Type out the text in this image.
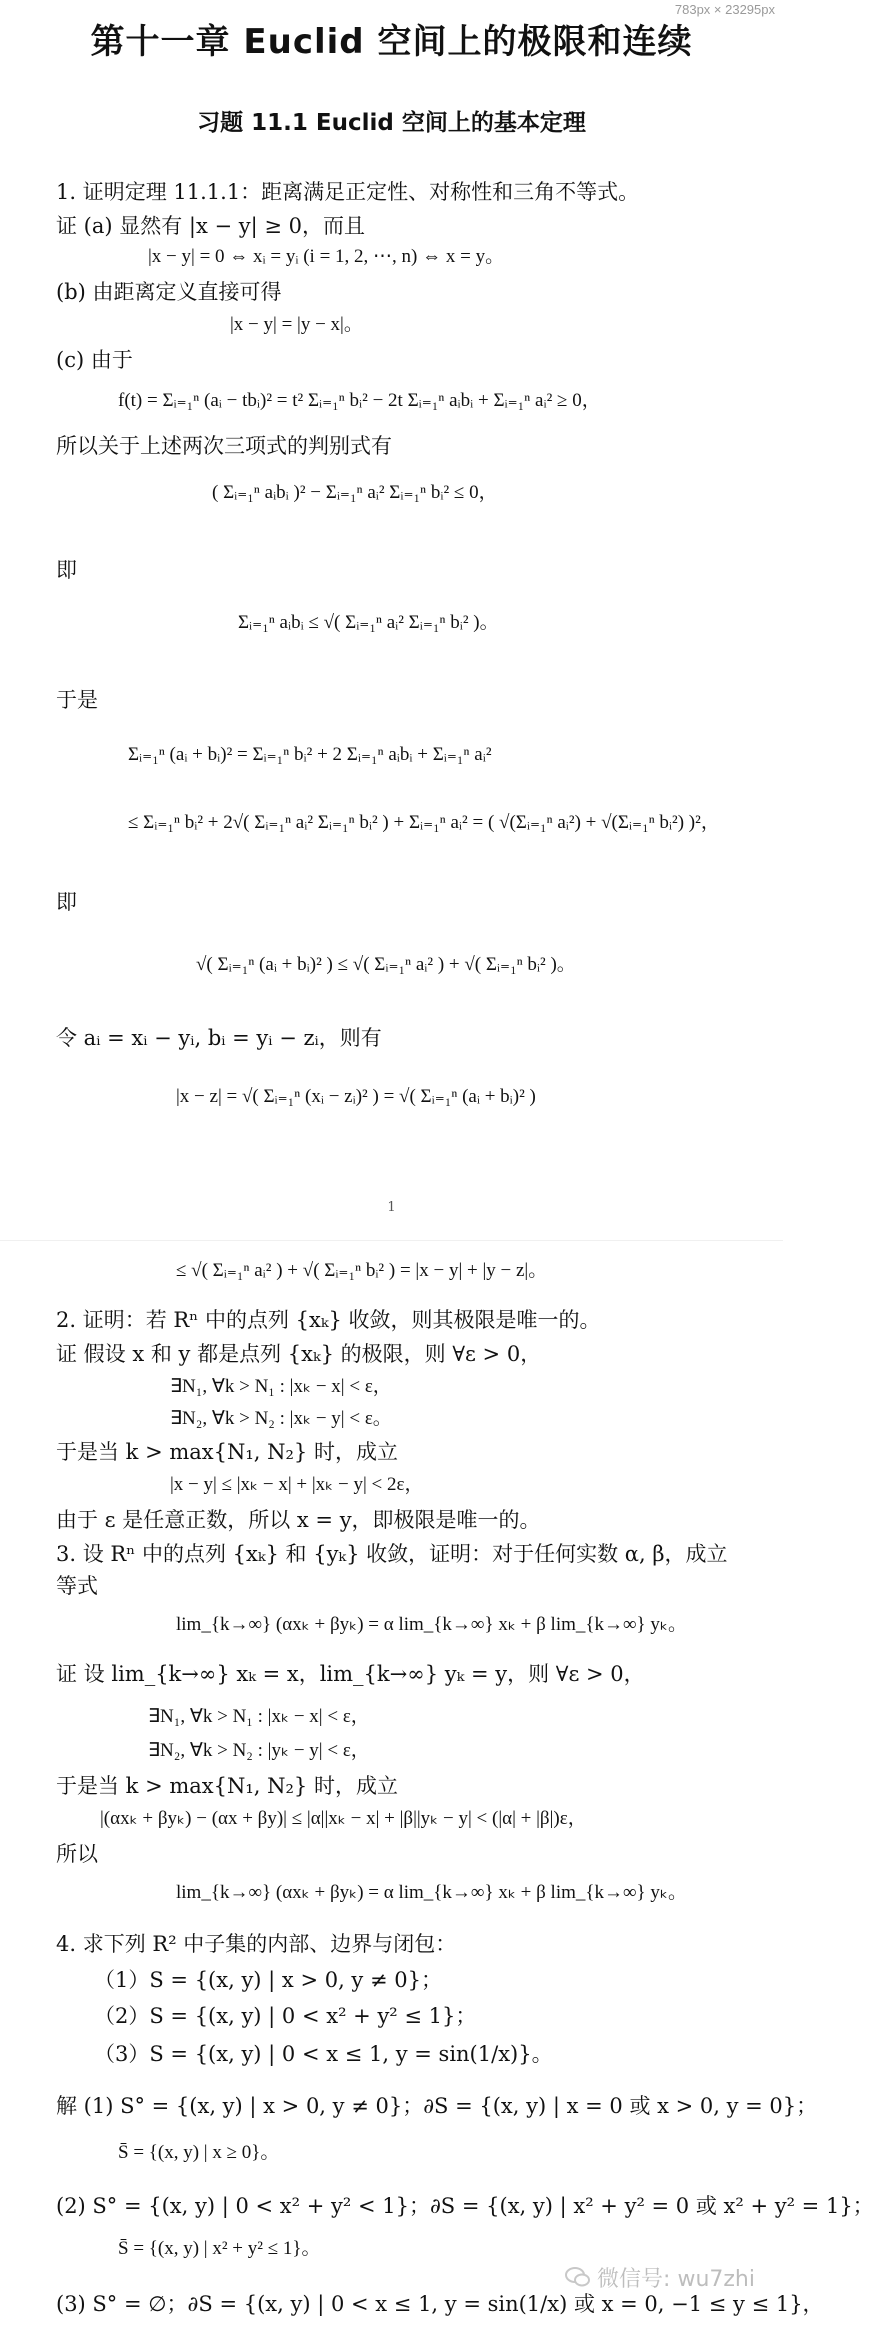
783px × 23295px
第十一章 Euclid 空间上的极限和连续
习题 11.1 Euclid 空间上的基本定理
1. 证明定理 11.1.1：距离满足正定性、对称性和三角不等式。
证 (a) 显然有 |x − y| ≥ 0，而且
|x − y| = 0 ⇔ xᵢ = yᵢ (i = 1, 2, ⋯, n) ⇔ x = y。
(b) 由距离定义直接可得
|x − y| = |y − x|。
(c) 由于
f(t) = Σᵢ₌₁ⁿ (aᵢ − tbᵢ)² = t² Σᵢ₌₁ⁿ bᵢ² − 2t Σᵢ₌₁ⁿ aᵢbᵢ + Σᵢ₌₁ⁿ aᵢ² ≥ 0，
所以关于上述两次三项式的判别式有
( Σᵢ₌₁ⁿ aᵢbᵢ )² − Σᵢ₌₁ⁿ aᵢ² Σᵢ₌₁ⁿ bᵢ² ≤ 0，
即
Σᵢ₌₁ⁿ aᵢbᵢ ≤ √( Σᵢ₌₁ⁿ aᵢ² Σᵢ₌₁ⁿ bᵢ² )。
于是
Σᵢ₌₁ⁿ (aᵢ + bᵢ)² = Σᵢ₌₁ⁿ bᵢ² + 2 Σᵢ₌₁ⁿ aᵢbᵢ + Σᵢ₌₁ⁿ aᵢ²
≤ Σᵢ₌₁ⁿ bᵢ² + 2√( Σᵢ₌₁ⁿ aᵢ² Σᵢ₌₁ⁿ bᵢ² ) + Σᵢ₌₁ⁿ aᵢ² = ( √(Σᵢ₌₁ⁿ aᵢ²) + √(Σᵢ₌₁ⁿ bᵢ²) )²，
即
√( Σᵢ₌₁ⁿ (aᵢ + bᵢ)² ) ≤ √( Σᵢ₌₁ⁿ aᵢ² ) + √( Σᵢ₌₁ⁿ bᵢ² )。
令 aᵢ = xᵢ − yᵢ, bᵢ = yᵢ − zᵢ，则有
|x − z| = √( Σᵢ₌₁ⁿ (xᵢ − zᵢ)² ) = √( Σᵢ₌₁ⁿ (aᵢ + bᵢ)² )
1
≤ √( Σᵢ₌₁ⁿ aᵢ² ) + √( Σᵢ₌₁ⁿ bᵢ² ) = |x − y| + |y − z|。
2. 证明：若 Rⁿ 中的点列 {xₖ} 收敛，则其极限是唯一的。
证 假设 x 和 y 都是点列 {xₖ} 的极限，则 ∀ε > 0，
∃N₁, ∀k > N₁ : |xₖ − x| < ε，
∃N₂, ∀k > N₂ : |xₖ − y| < ε。
于是当 k > max{N₁, N₂} 时，成立
|x − y| ≤ |xₖ − x| + |xₖ − y| < 2ε，
由于 ε 是任意正数，所以 x = y，即极限是唯一的。
3. 设 Rⁿ 中的点列 {xₖ} 和 {yₖ} 收敛，证明：对于任何实数 α, β，成立
等式
lim_{k→∞} (αxₖ + βyₖ) = α lim_{k→∞} xₖ + β lim_{k→∞} yₖ。
证 设 lim_{k→∞} xₖ = x，lim_{k→∞} yₖ = y，则 ∀ε > 0，
∃N₁, ∀k > N₁ : |xₖ − x| < ε，
∃N₂, ∀k > N₂ : |yₖ − y| < ε，
于是当 k > max{N₁, N₂} 时，成立
|(αxₖ + βyₖ) − (αx + βy)| ≤ |α||xₖ − x| + |β||yₖ − y| < (|α| + |β|)ε，
所以
lim_{k→∞} (αxₖ + βyₖ) = α lim_{k→∞} xₖ + β lim_{k→∞} yₖ。
4. 求下列 R² 中子集的内部、边界与闭包：
（1）S = {(x, y) | x > 0, y ≠ 0}；
（2）S = {(x, y) | 0 < x² + y² ≤ 1}；
（3）S = {(x, y) | 0 < x ≤ 1, y = sin(1/x)}。
解 (1) S° = {(x, y) | x > 0, y ≠ 0}；∂S = {(x, y) | x = 0 或 x > 0, y = 0}；
S̄ = {(x, y) | x ≥ 0}。
(2) S° = {(x, y) | 0 < x² + y² < 1}；∂S = {(x, y) | x² + y² = 0 或 x² + y² = 1}；
S̄ = {(x, y) | x² + y² ≤ 1}。
(3) S° = ∅；∂S = {(x, y) | 0 < x ≤ 1, y = sin(1/x) 或 x = 0, −1 ≤ y ≤ 1}，
微信号: wu7zhi
